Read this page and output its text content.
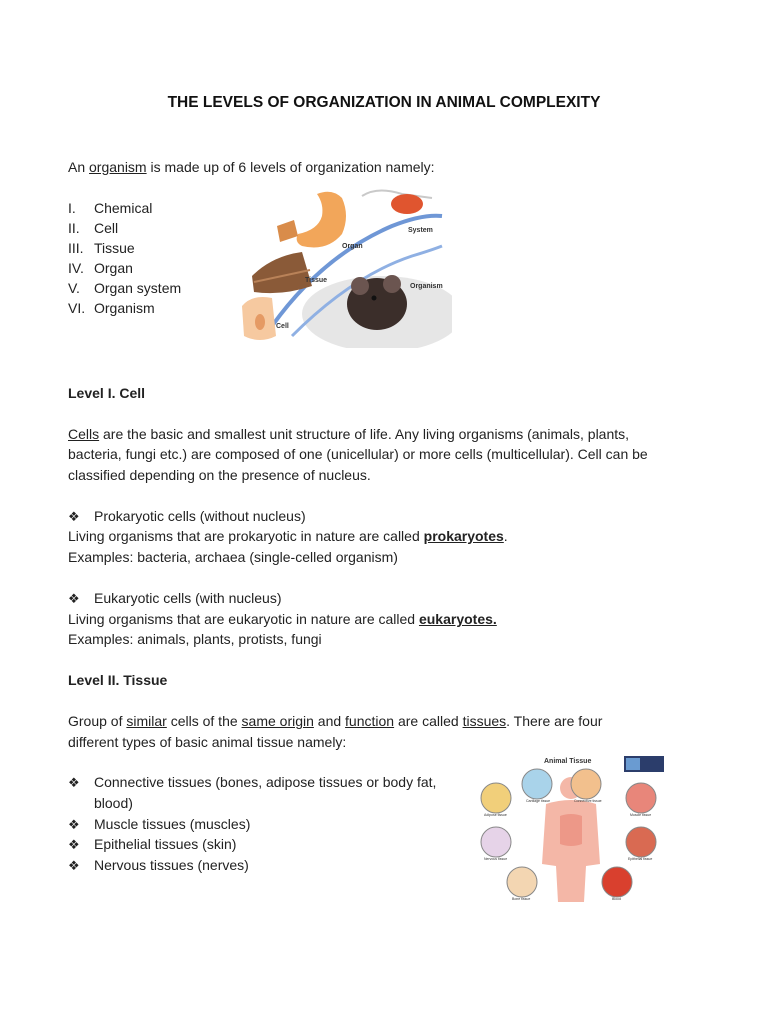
THE LEVELS OF ORGANIZATION IN ANIMAL COMPLEXITY
An organism is made up of 6 levels of organization namely:
I. Chemical
II. Cell
III. Tissue
IV. Organ
V. Organ system
VI. Organism
System
Organ
Tissue
Organism
Cell
Level I. Cell
Cells are the basic and smallest unit structure of life. Any living organisms (animals, plants,
bacteria, fungi etc.) are composed of one (unicellular) or more cells (multicellular). Cell can be
classified depending on the presence of nucleus.
❖ Prokaryotic cells (without nucleus)
Living organisms that are prokaryotic in nature are called prokaryotes.
Examples: bacteria, archaea (single-celled organism)
❖ Eukaryotic cells (with nucleus)
Living organisms that are eukaryotic in nature are called eukaryotes.
Examples: animals, plants, protists, fungi
Level II. Tissue
Group of similar cells of the same origin and function are called tissues. There are four
different types of basic animal tissue namely:
❖ Connective tissues (bones, adipose tissues or body fat,
blood)
❖ Muscle tissues (muscles)
❖ Epithelial tissues (skin)
❖ Nervous tissues (nerves)
Animal Tissue
Adipose tissue
Cartilage tissue	Connective tissue
Muscle tissue
Epithelial tissue
Nervous tissue
Bone tissue	Blood
